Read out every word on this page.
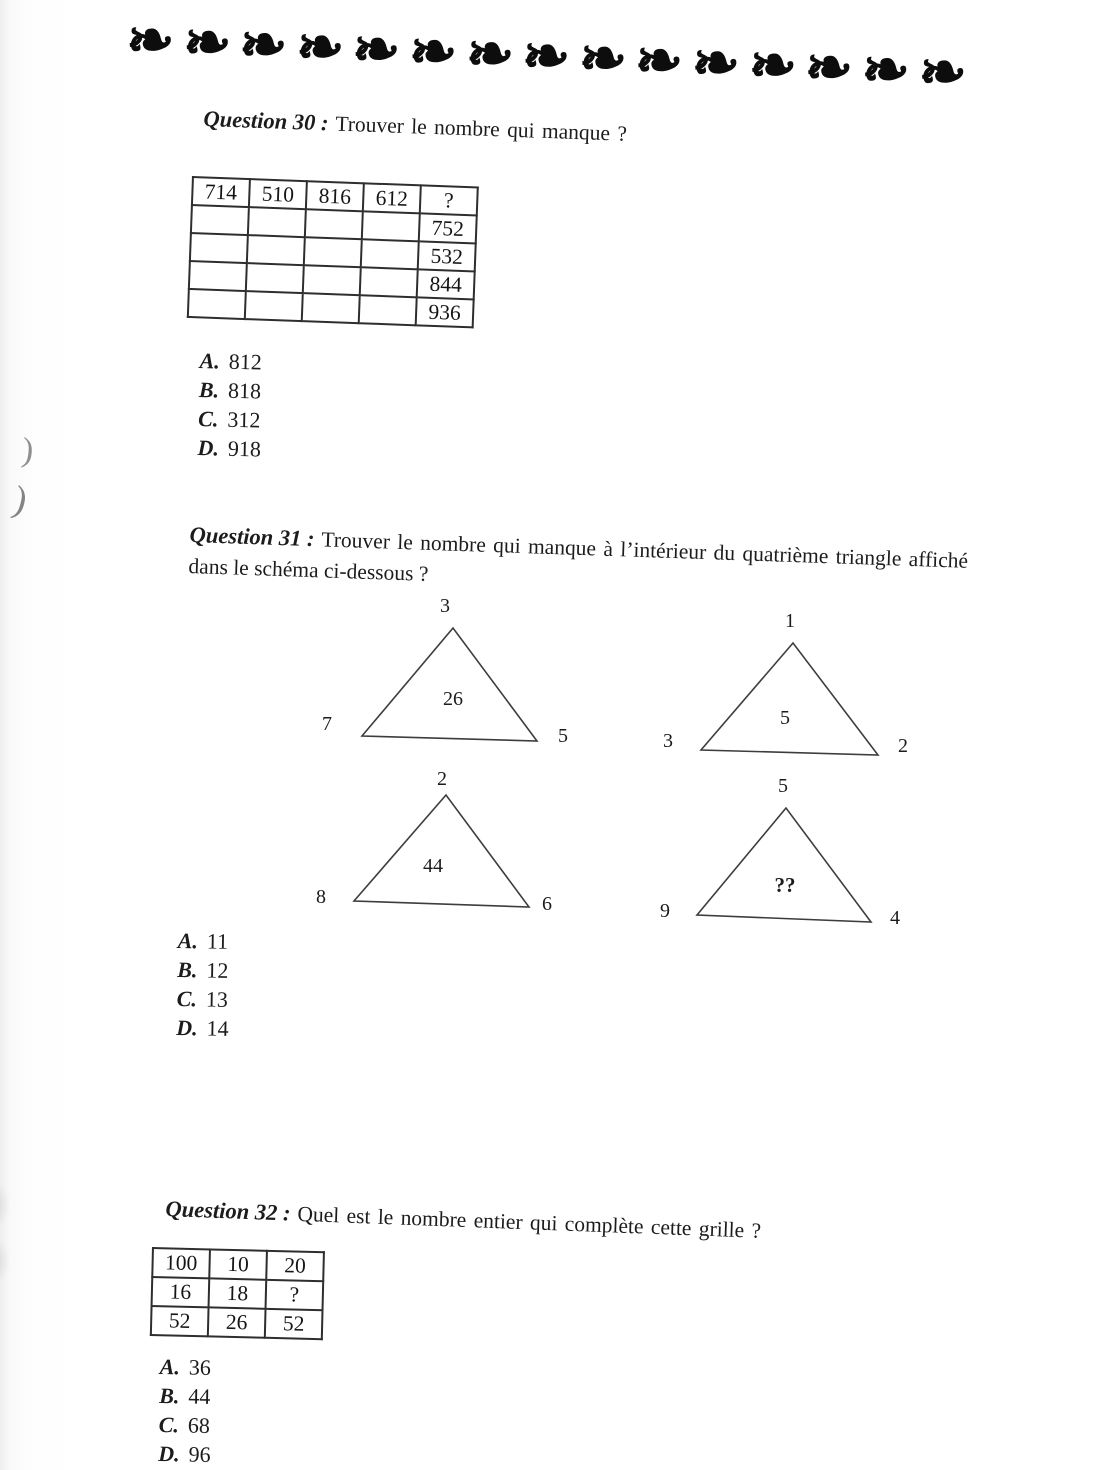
)
)
❧ ❧ ❧ ❧ ❧ ❧ ❧ ❧ ❧ ❧ ❧ ❧ ❧ ❧ ❧
Question 30 : Trouver le nombre qui manque ?
714	510	816	612	?
				752
				532
				844
				936
A. 812
B. 818
C. 312
D. 918
Question 31 : Trouver le nombre qui manque à l’intérieur du quatrième triangle affiché
dans le schéma ci-dessous ?
3
7
5
26
1
3	2
5
2
8	6
44
5
9	4
??
A. 11
B. 12
C. 13
D. 14
Question 32 : Quel est le nombre entier qui complète cette grille ?
100	10	20
16	18	?
52	26	52
A. 36
B. 44
C. 68
D. 96
